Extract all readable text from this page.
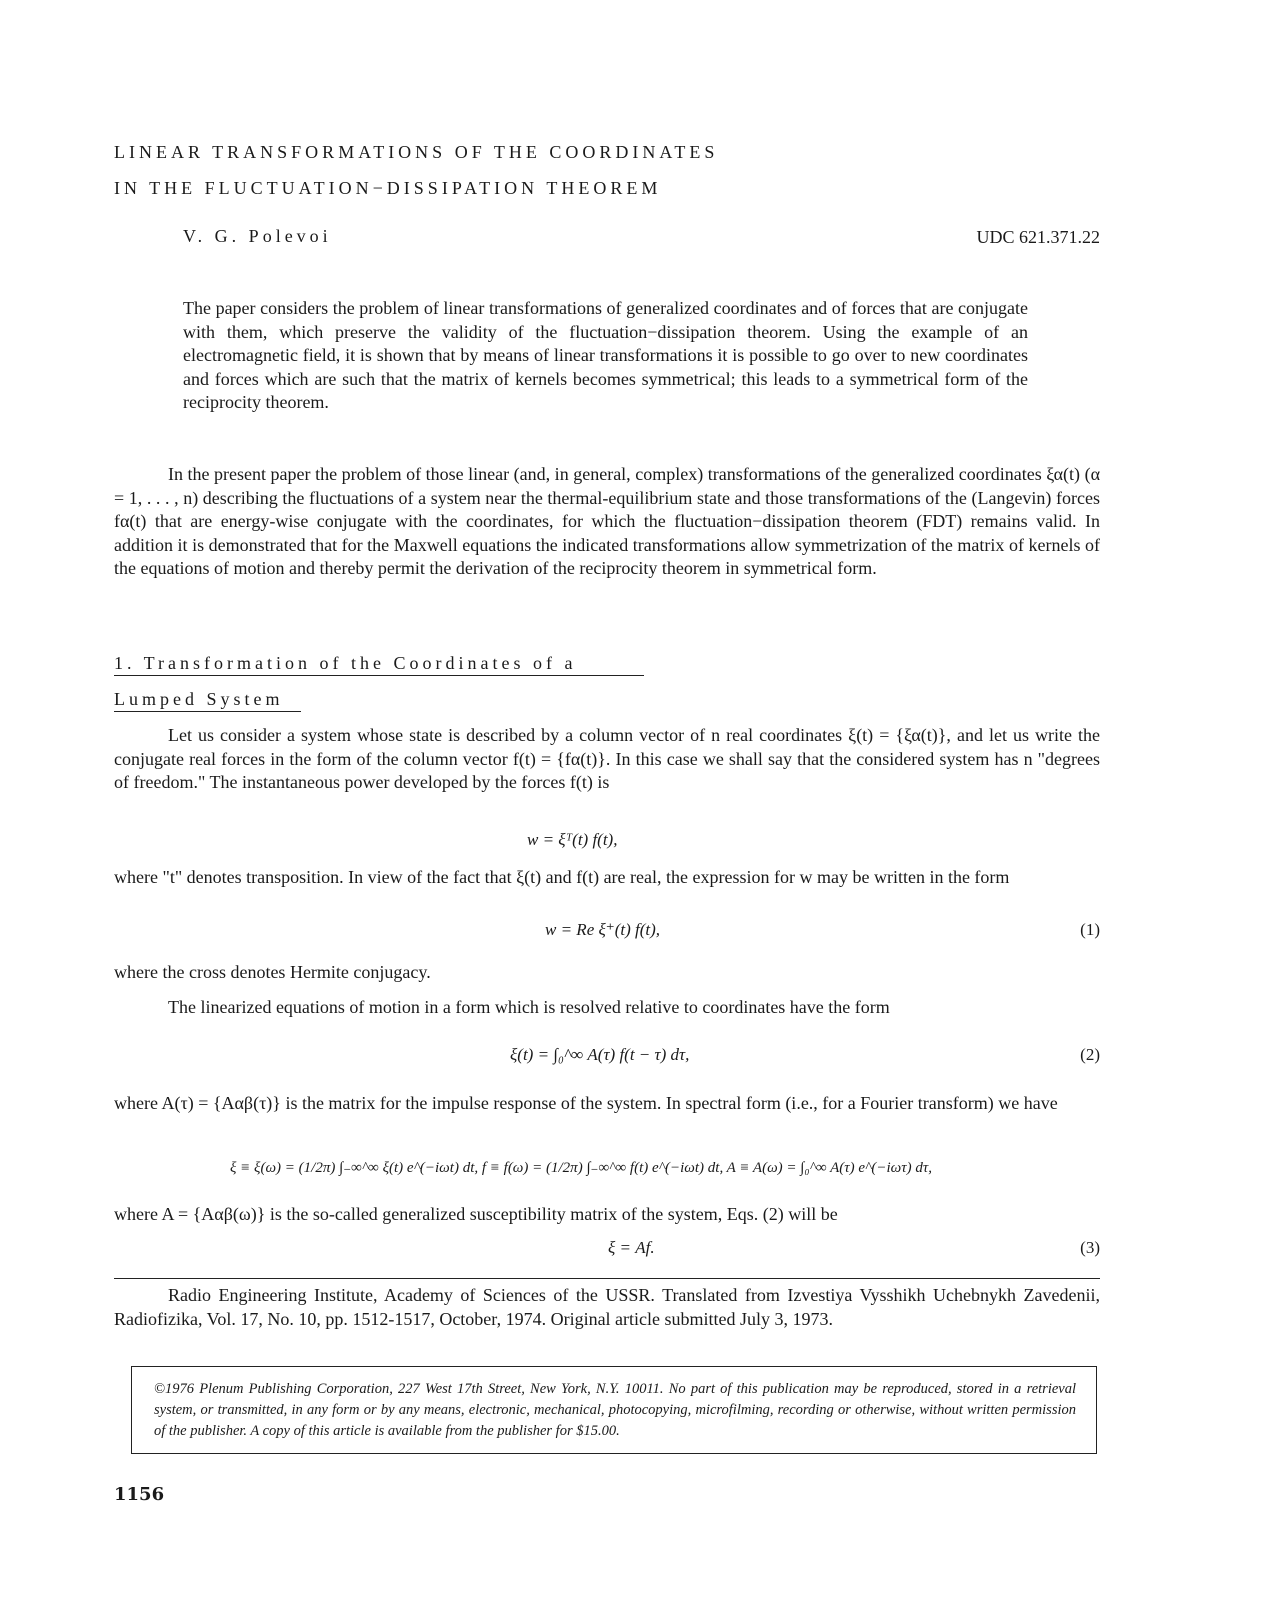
LINEAR TRANSFORMATIONS OF THE COORDINATES
IN THE FLUCTUATION−DISSIPATION THEOREM
V. G. Polevoi	UDC 621.371.22
The paper considers the problem of linear transformations of generalized coordinates and of forces that are conjugate with them, which preserve the validity of the fluctuation−dissipation theorem. Using the example of an electromagnetic field, it is shown that by means of linear transformations it is possible to go over to new coordinates and forces which are such that the matrix of kernels becomes symmetrical; this leads to a symmetrical form of the reciprocity theorem.
In the present paper the problem of those linear (and, in general, complex) transformations of the generalized coordinates ξα(t) (α = 1, . . . , n) describing the fluctuations of a system near the thermal-equilibrium state and those transformations of the (Langevin) forces fα(t) that are energy-wise conjugate with the coordinates, for which the fluctuation−dissipation theorem (FDT) remains valid. In addition it is demonstrated that for the Maxwell equations the indicated transformations allow symmetrization of the matrix of kernels of the equations of motion and thereby permit the derivation of the reciprocity theorem in symmetrical form.
1. Transformation of the Coordinates of a
Lumped System
Let us consider a system whose state is described by a column vector of n real coordinates ξ(t) = {ξα(t)}, and let us write the conjugate real forces in the form of the column vector f(t) = {fα(t)}. In this case we shall say that the considered system has n "degrees of freedom." The instantaneous power developed by the forces f(t) is
w = ξᵀ(t) f(t),
where "t" denotes transposition. In view of the fact that ξ(t) and f(t) are real, the expression for w may be written in the form
w = Re ξ⁺(t) f(t),	(1)
where the cross denotes Hermite conjugacy.
The linearized equations of motion in a form which is resolved relative to coordinates have the form
ξ(t) = ∫₀^∞ A(τ) f(t − τ) dτ,	(2)
where A(τ) = {Aαβ(τ)} is the matrix for the impulse response of the system. In spectral form (i.e., for a Fourier transform) we have
ξ ≡ ξ(ω) = (1/2π) ∫₋∞^∞ ξ(t) e^(−iωt) dt, f ≡ f(ω) = (1/2π) ∫₋∞^∞ f(t) e^(−iωt) dt, A ≡ A(ω) = ∫₀^∞ A(τ) e^(−iωτ) dτ,
where A = {Aαβ(ω)} is the so-called generalized susceptibility matrix of the system, Eqs. (2) will be
ξ = Af.	(3)
Radio Engineering Institute, Academy of Sciences of the USSR. Translated from Izvestiya Vysshikh Uchebnykh Zavedenii, Radiofizika, Vol. 17, No. 10, pp. 1512-1517, October, 1974. Original article submitted July 3, 1973.
©1976 Plenum Publishing Corporation, 227 West 17th Street, New York, N.Y. 10011. No part of this publication may be reproduced, stored in a retrieval system, or transmitted, in any form or by any means, electronic, mechanical, photocopying, microfilming, recording or otherwise, without written permission of the publisher. A copy of this article is available from the publisher for $15.00.
1156
